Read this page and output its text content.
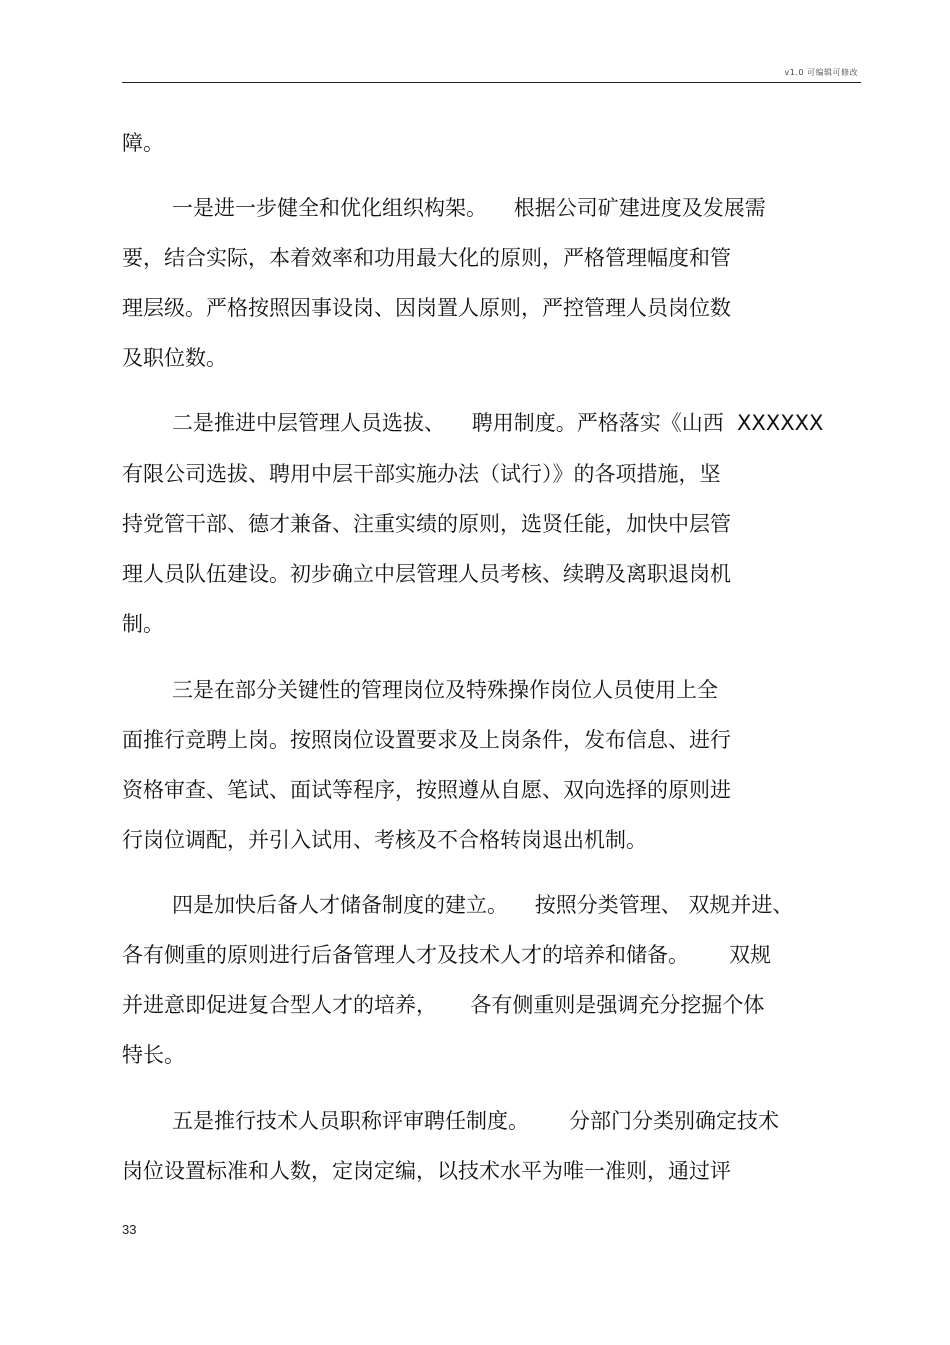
v1.0 可编辑可修改
障。
一是进一步健全和优化组织构架。    根据公司矿建进度及发展需
要，结合实际，本着效率和功用最大化的原则，严格管理幅度和管
理层级。严格按照因事设岗、因岗置人原则，严控管理人员岗位数
及职位数。
二是推进中层管理人员选拔、    聘用制度。严格落实《山西  XXXXXX
有限公司选拔、聘用中层干部实施办法（试行）》的各项措施，坚
持党管干部、德才兼备、注重实绩的原则，选贤任能，加快中层管
理人员队伍建设。初步确立中层管理人员考核、续聘及离职退岗机
制。
三是在部分关键性的管理岗位及特殊操作岗位人员使用上全
面推行竞聘上岗。按照岗位设置要求及上岗条件，发布信息、进行
资格审查、笔试、面试等程序，按照遵从自愿、双向选择的原则进
行岗位调配，并引入试用、考核及不合格转岗退出机制。
四是加快后备人才储备制度的建立。    按照分类管理、 双规并进、
各有侧重的原则进行后备管理人才及技术人才的培养和储备。      双规
并进意即促进复合型人才的培养，     各有侧重则是强调充分挖掘个体
特长。
五是推行技术人员职称评审聘任制度。      分部门分类别确定技术
岗位设置标准和人数，定岗定编，以技术水平为唯一准则，通过评
33
